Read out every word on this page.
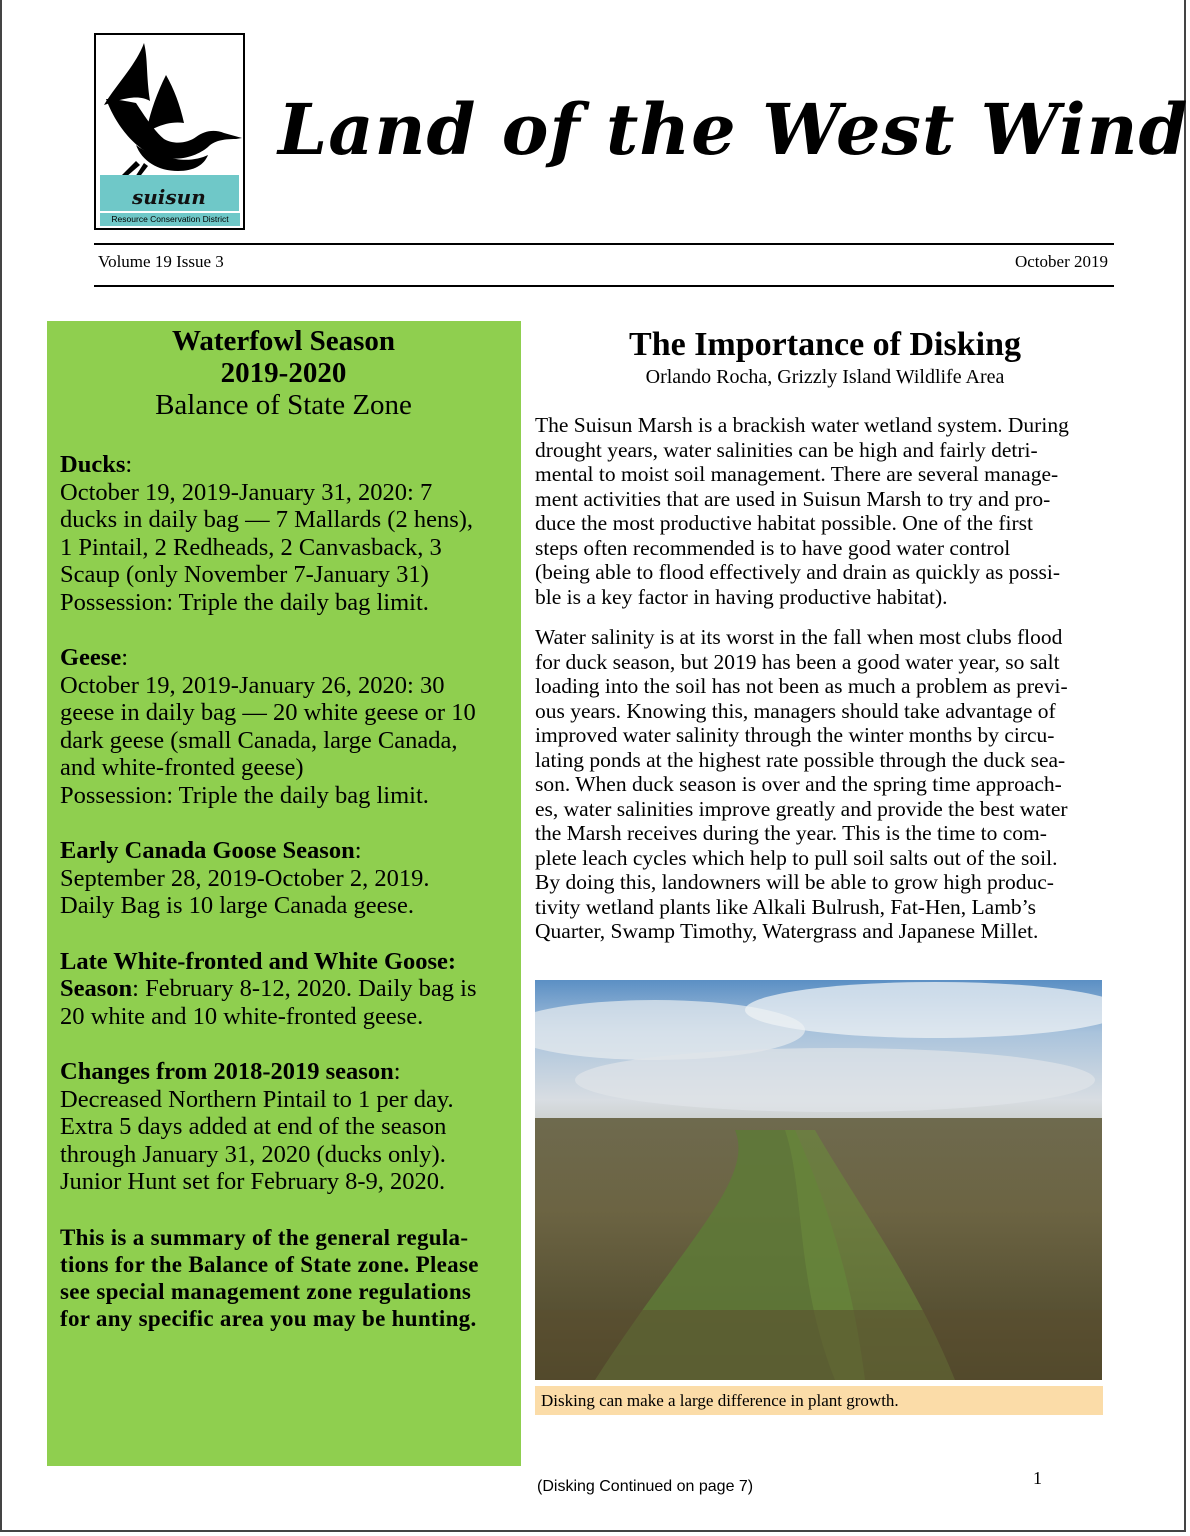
suisun
Resource Conservation District
Land of the West Wind
Volume 19 Issue 3	October 2019
Waterfowl Season
2019-2020
Balance of State Zone
Ducks:
October 19, 2019-January 31, 2020: 7
ducks in daily bag — 7 Mallards (2 hens),
1 Pintail, 2 Redheads, 2 Canvasback, 3
Scaup (only November 7-January 31)
Possession: Triple the daily bag limit.
Geese:
October 19, 2019-January 26, 2020: 30
geese in daily bag — 20 white geese or 10
dark geese (small Canada, large Canada,
and white-fronted geese)
Possession: Triple the daily bag limit.
Early Canada Goose Season:
September 28, 2019-October 2, 2019.
Daily Bag is 10 large Canada geese.
Late White-fronted and White Goose:
Season: February 8-12, 2020. Daily bag is
20 white and 10 white-fronted geese.
Changes from 2018-2019 season:
Decreased Northern Pintail to 1 per day.
Extra 5 days added at end of the season
through January 31, 2020 (ducks only).
Junior Hunt set for February 8-9, 2020.
This is a summary of the general regula-
tions for the Balance of State zone. Please
see special management zone regulations
for any specific area you may be hunting.
The Importance of Disking
Orlando Rocha, Grizzly Island Wildlife Area

The Suisun Marsh is a brackish water wetland system. During
drought years, water salinities can be high and fairly detri-
mental to moist soil management. There are several manage-
ment activities that are used in Suisun Marsh to try and pro-
duce the most productive habitat possible. One of the first
steps often recommended is to have good water control
(being able to flood effectively and drain as quickly as possi-
ble is a key factor in having productive habitat).

Water salinity is at its worst in the fall when most clubs flood
for duck season, but 2019 has been a good water year, so salt
loading into the soil has not been as much a problem as previ-
ous years. Knowing this, managers should take advantage of
improved water salinity through the winter months by circu-
lating ponds at the highest rate possible through the duck sea-
son. When duck season is over and the spring time approach-
es, water salinities improve greatly and provide the best water
the Marsh receives during the year. This is the time to com-
plete leach cycles which help to pull soil salts out of the soil.
By doing this, landowners will be able to grow high produc-
tivity wetland plants like Alkali Bulrush, Fat-Hen, Lamb’s
Quarter, Swamp Timothy, Watergrass and Japanese Millet.

Disking can make a large difference in plant growth.
(Disking Continued on page 7)	1
